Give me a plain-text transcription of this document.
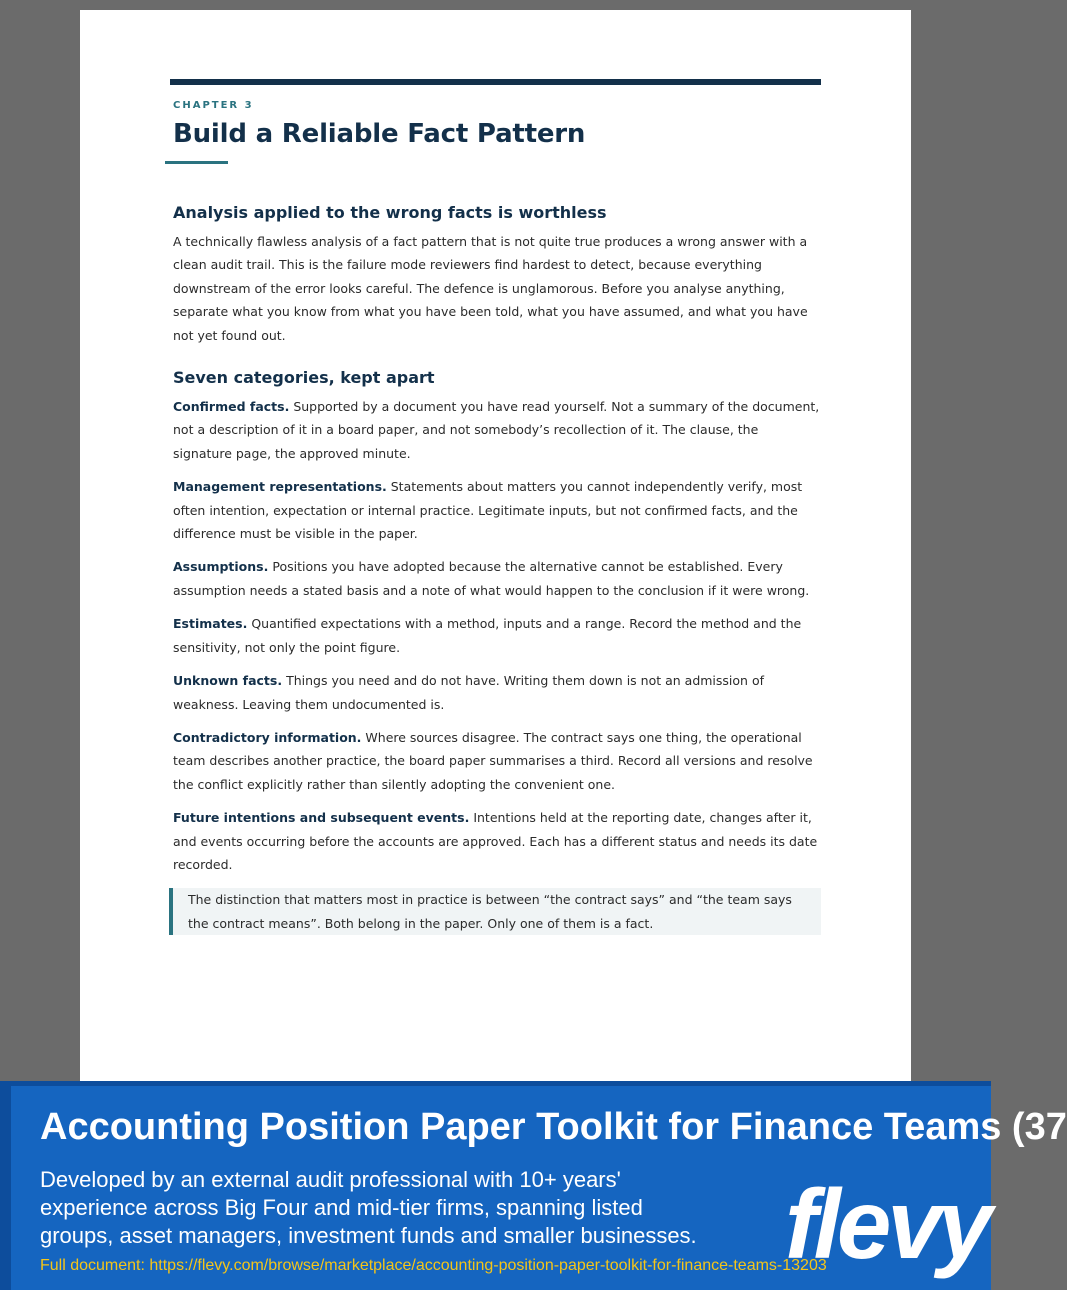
CHAPTER 3
Build a Reliable Fact Pattern
Analysis applied to the wrong facts is worthless

A technically flawless analysis of a fact pattern that is not quite true produces a wrong answer with a clean audit trail. This is the failure mode reviewers find hardest to detect, because everything downstream of the error looks careful. The defence is unglamorous. Before you analyse anything, separate what you know from what you have been told, what you have assumed, and what you have not yet found out.

Seven categories, kept apart

Confirmed facts. Supported by a document you have read yourself. Not a summary of the document, not a description of it in a board paper, and not somebody’s recollection of it. The clause, the signature page, the approved minute.

Management representations. Statements about matters you cannot independently verify, most often intention, expectation or internal practice. Legitimate inputs, but not confirmed facts, and the difference must be visible in the paper.

Assumptions. Positions you have adopted because the alternative cannot be established. Every assumption needs a stated basis and a note of what would happen to the conclusion if it were wrong.

Estimates. Quantified expectations with a method, inputs and a range. Record the method and the sensitivity, not only the point figure.

Unknown facts. Things you need and do not have. Writing them down is not an admission of weakness. Leaving them undocumented is.

Contradictory information. Where sources disagree. The contract says one thing, the operational team describes another practice, the board paper summarises a third. Record all versions and resolve the conflict explicitly rather than silently adopting the convenient one.

Future intentions and subsequent events. Intentions held at the reporting date, changes after it, and events occurring before the accounts are approved. Each has a different status and needs its date recorded.

The distinction that matters most in practice is between “the contract says” and “the team says the contract means”. Both belong in the paper. Only one of them is a fact.
Accounting Position Paper Toolkit for Finance Teams (37

Developed by an external audit professional with 10+ years' experience across Big Four and mid-tier firms, spanning listed groups, asset managers, investment funds and smaller businesses.

Full document: https://flevy.com/browse/marketplace/accounting-position-paper-toolkit-for-finance-teams-13203

flevy
